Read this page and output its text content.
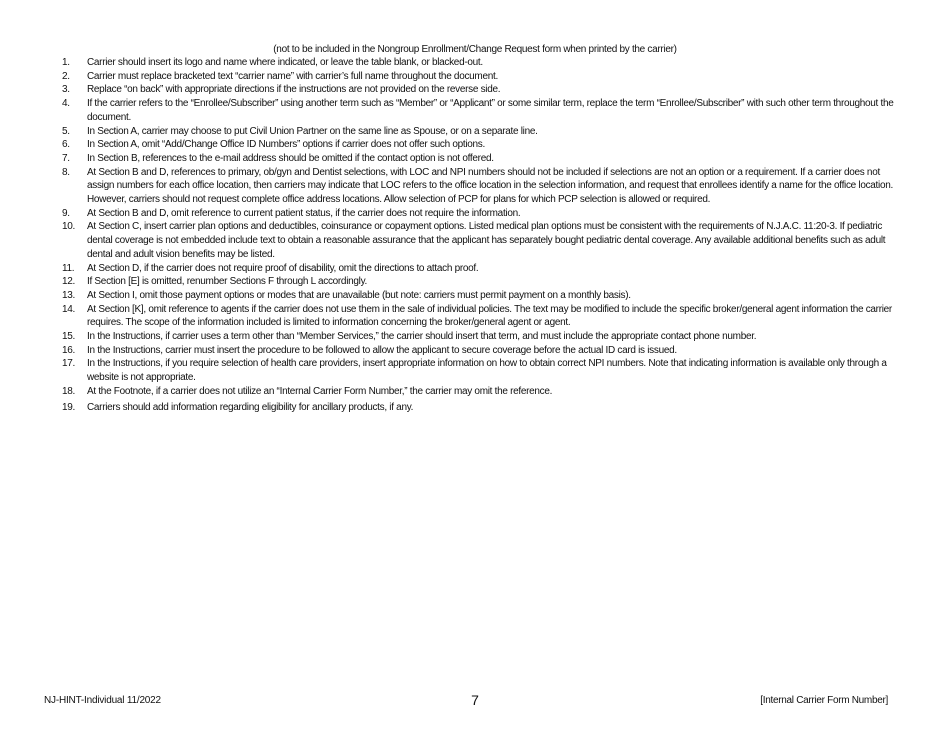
(not to be included in the Nongroup Enrollment/Change Request form when printed by the carrier)
1.	Carrier should insert its logo and name where indicated, or leave the table blank, or blacked-out.
2.	Carrier must replace bracketed text “carrier name” with carrier’s full name throughout the document.
3.	Replace “on back” with appropriate directions if the instructions are not provided on the reverse side.
4.	If the carrier refers to the “Enrollee/Subscriber” using another term such as “Member” or “Applicant” or some similar term, replace the term “Enrollee/Subscriber” with such other term throughout the document.
5.	In Section A, carrier may choose to put Civil Union Partner on the same line as Spouse, or on a separate line.
6.	In Section A, omit “Add/Change Office ID Numbers” options if carrier does not offer such options.
7.	In Section B, references to the e-mail address should be omitted if the contact option is not offered.
8.	At Section B and D, references to primary, ob/gyn and Dentist selections, with LOC and NPI numbers should not be included if selections are not an option or a requirement. If a carrier does not assign numbers for each office location, then carriers may indicate that LOC refers to the office location in the selection information, and request that enrollees identify a name for the office location. However, carriers should not request complete office address locations. Allow selection of PCP for plans for which PCP selection is allowed or required.
9.	At Section B and D, omit reference to current patient status, if the carrier does not require the information.
10.	At Section C, insert carrier plan options and deductibles, coinsurance or copayment options. Listed medical plan options must be consistent with the requirements of N.J.A.C. 11:20-3. If pediatric dental coverage is not embedded include text to obtain a reasonable assurance that the applicant has separately bought pediatric dental coverage. Any available additional benefits such as adult dental and adult vision benefits may be listed.
11.	At Section D, if the carrier does not require proof of disability, omit the directions to attach proof.
12.	If Section [E] is omitted, renumber Sections F through L accordingly.
13.	At Section I, omit those payment options or modes that are unavailable (but note: carriers must permit payment on a monthly basis).
14.	At Section [K], omit reference to agents if the carrier does not use them in the sale of individual policies. The text may be modified to include the specific broker/general agent information the carrier requires. The scope of the information included is limited to information concerning the broker/general agent or agent.
15.	In the Instructions, if carrier uses a term other than “Member Services,” the carrier should insert that term, and must include the appropriate contact phone number.
16.	In the Instructions, carrier must insert the procedure to be followed to allow the applicant to secure coverage before the actual ID card is issued.
17.	In the Instructions, if you require selection of health care providers, insert appropriate information on how to obtain correct NPI numbers. Note that indicating information is available only through a website is not appropriate.
18.	At the Footnote, if a carrier does not utilize an “Internal Carrier Form Number,” the carrier may omit the reference.
19.	Carriers should add information regarding eligibility for ancillary products, if any.
NJ-HINT-Individual 11/2022	7	[Internal Carrier Form Number]
